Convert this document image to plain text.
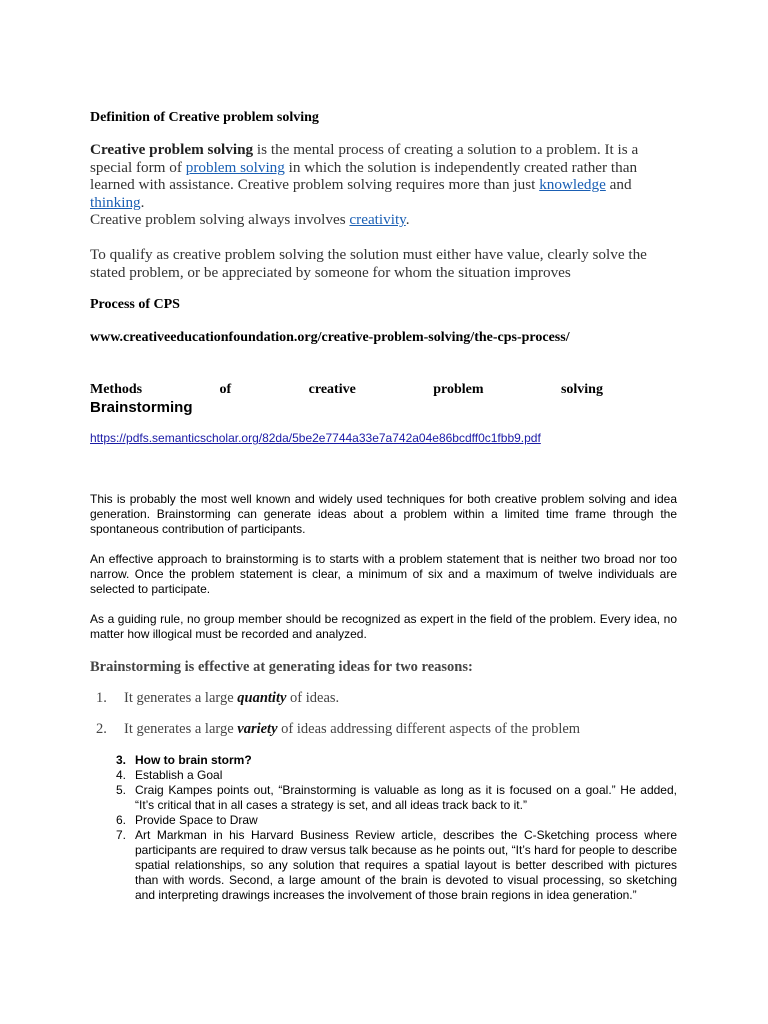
Definition of Creative problem solving
Creative problem solving is the mental process of creating a solution to a problem. It is a special form of problem solving in which the solution is independently created rather than learned with assistance. Creative problem solving requires more than just knowledge and thinking.
Creative problem solving always involves creativity.
To qualify as creative problem solving the solution must either have value, clearly solve the stated problem, or be appreciated by someone for whom the situation improves
Process of CPS
www.creativeeducationfoundation.org/creative-problem-solving/the-cps-process/
Methods	of	creative	problem	solving
Brainstorming
https://pdfs.semanticscholar.org/82da/5be2e7744a33e7a742a04e86bcdff0c1fbb9.pdf
This is probably the most well known and widely used techniques for both creative problem solving and idea generation. Brainstorming can generate ideas about a problem within a limited time frame through the spontaneous contribution of participants.
An effective approach to brainstorming is to starts with a problem statement that is neither two broad nor too narrow. Once the problem statement is clear, a minimum of six and a maximum of twelve individuals are selected to participate.
As a guiding rule, no group member should be recognized as expert in the field of the problem. Every idea, no matter how illogical must be recorded and analyzed.
Brainstorming is effective at generating ideas for two reasons:
1.	It generates a large quantity of ideas.
2.	It generates a large variety of ideas addressing different aspects of the problem
3. How to brain storm?
4. Establish a Goal
5. Craig Kampes points out, “Brainstorming is valuable as long as it is focused on a goal.” He added, “It’s critical that in all cases a strategy is set, and all ideas track back to it.”
6. Provide Space to Draw
7. Art Markman in his Harvard Business Review article, describes the C-Sketching process where participants are required to draw versus talk because as he points out, “It’s hard for people to describe spatial relationships, so any solution that requires a spatial layout is better described with pictures than with words. Second, a large amount of the brain is devoted to visual processing, so sketching and interpreting drawings increases the involvement of those brain regions in idea generation.”
